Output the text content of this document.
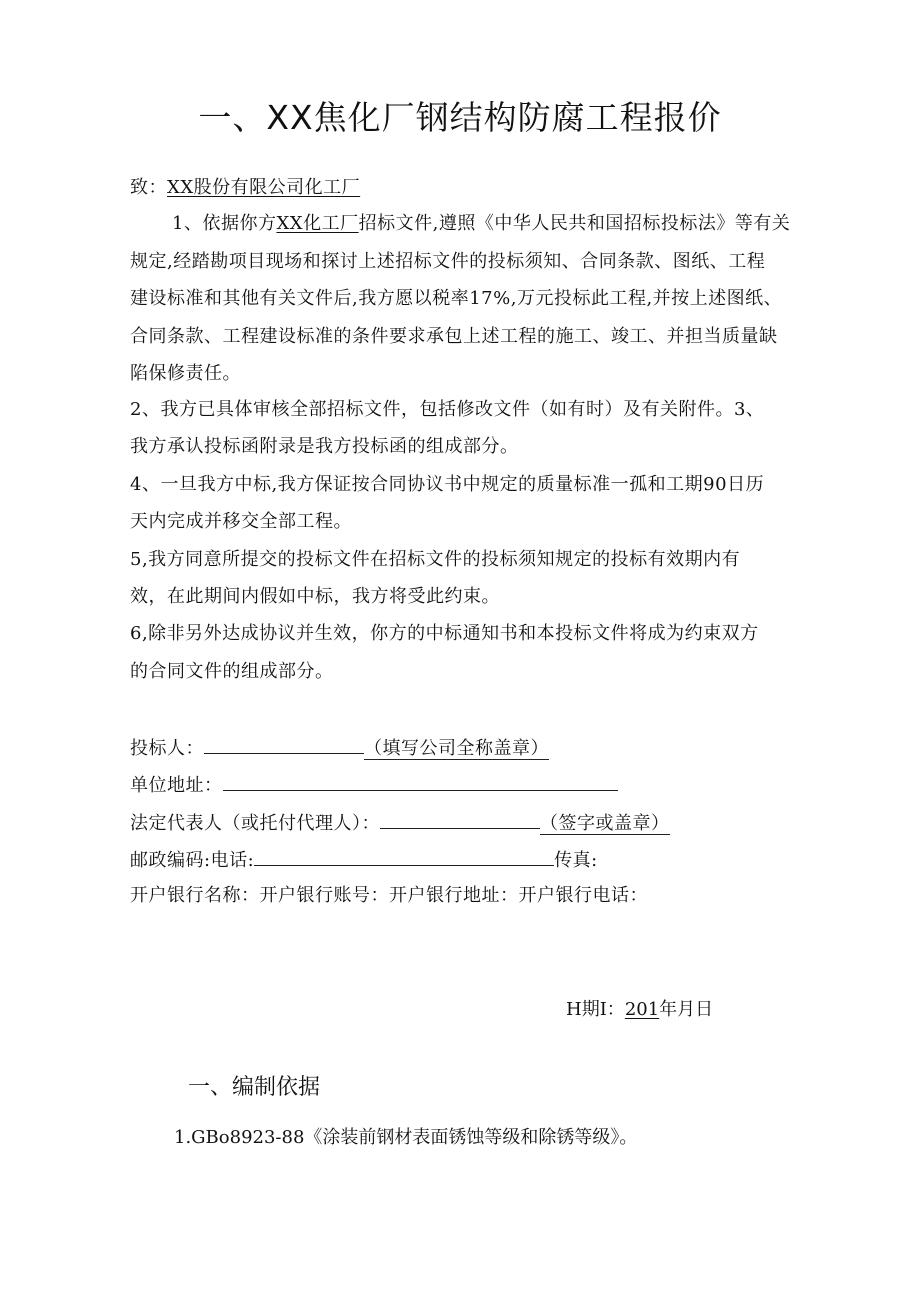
一、XX焦化厂钢结构防腐工程报价
致：XX股份有限公司化工厂
1、依据你方XX化工厂招标文件,遵照《中华人民共和国招标投标法》等有关
规定,经踏勘项目现场和探讨上述招标文件的投标须知、合同条款、图纸、工程
建设标准和其他有关文件后,我方愿以税率17%,万元投标此工程,并按上述图纸、
合同条款、工程建设标准的条件要求承包上述工程的施工、竣工、并担当质量缺
陷保修责任。
2、我方已具体审核全部招标文件，包括修改文件（如有时）及有关附件。3、
我方承认投标函附录是我方投标函的组成部分。
4、一旦我方中标,我方保证按合同协议书中规定的质量标准一孤和工期90日历
天内完成并移交全部工程。
5,我方同意所提交的投标文件在招标文件的投标须知规定的投标有效期内有
效，在此期间内假如中标，我方将受此约束。
6,除非另外达成协议并生效，你方的中标通知书和本投标文件将成为约束双方
的合同文件的组成部分。
投标人：	（填写公司全称盖章）
单位地址：
法定代表人（或托付代理人）：	（签字或盖章）
邮政编码:电话:	传真:
开户银行名称：开户银行账号：开户银行地址：开户银行电话：
H期I：201年月日
一、编制依据
1.GBo8923-88《涂装前钢材表面锈蚀等级和除锈等级》。
